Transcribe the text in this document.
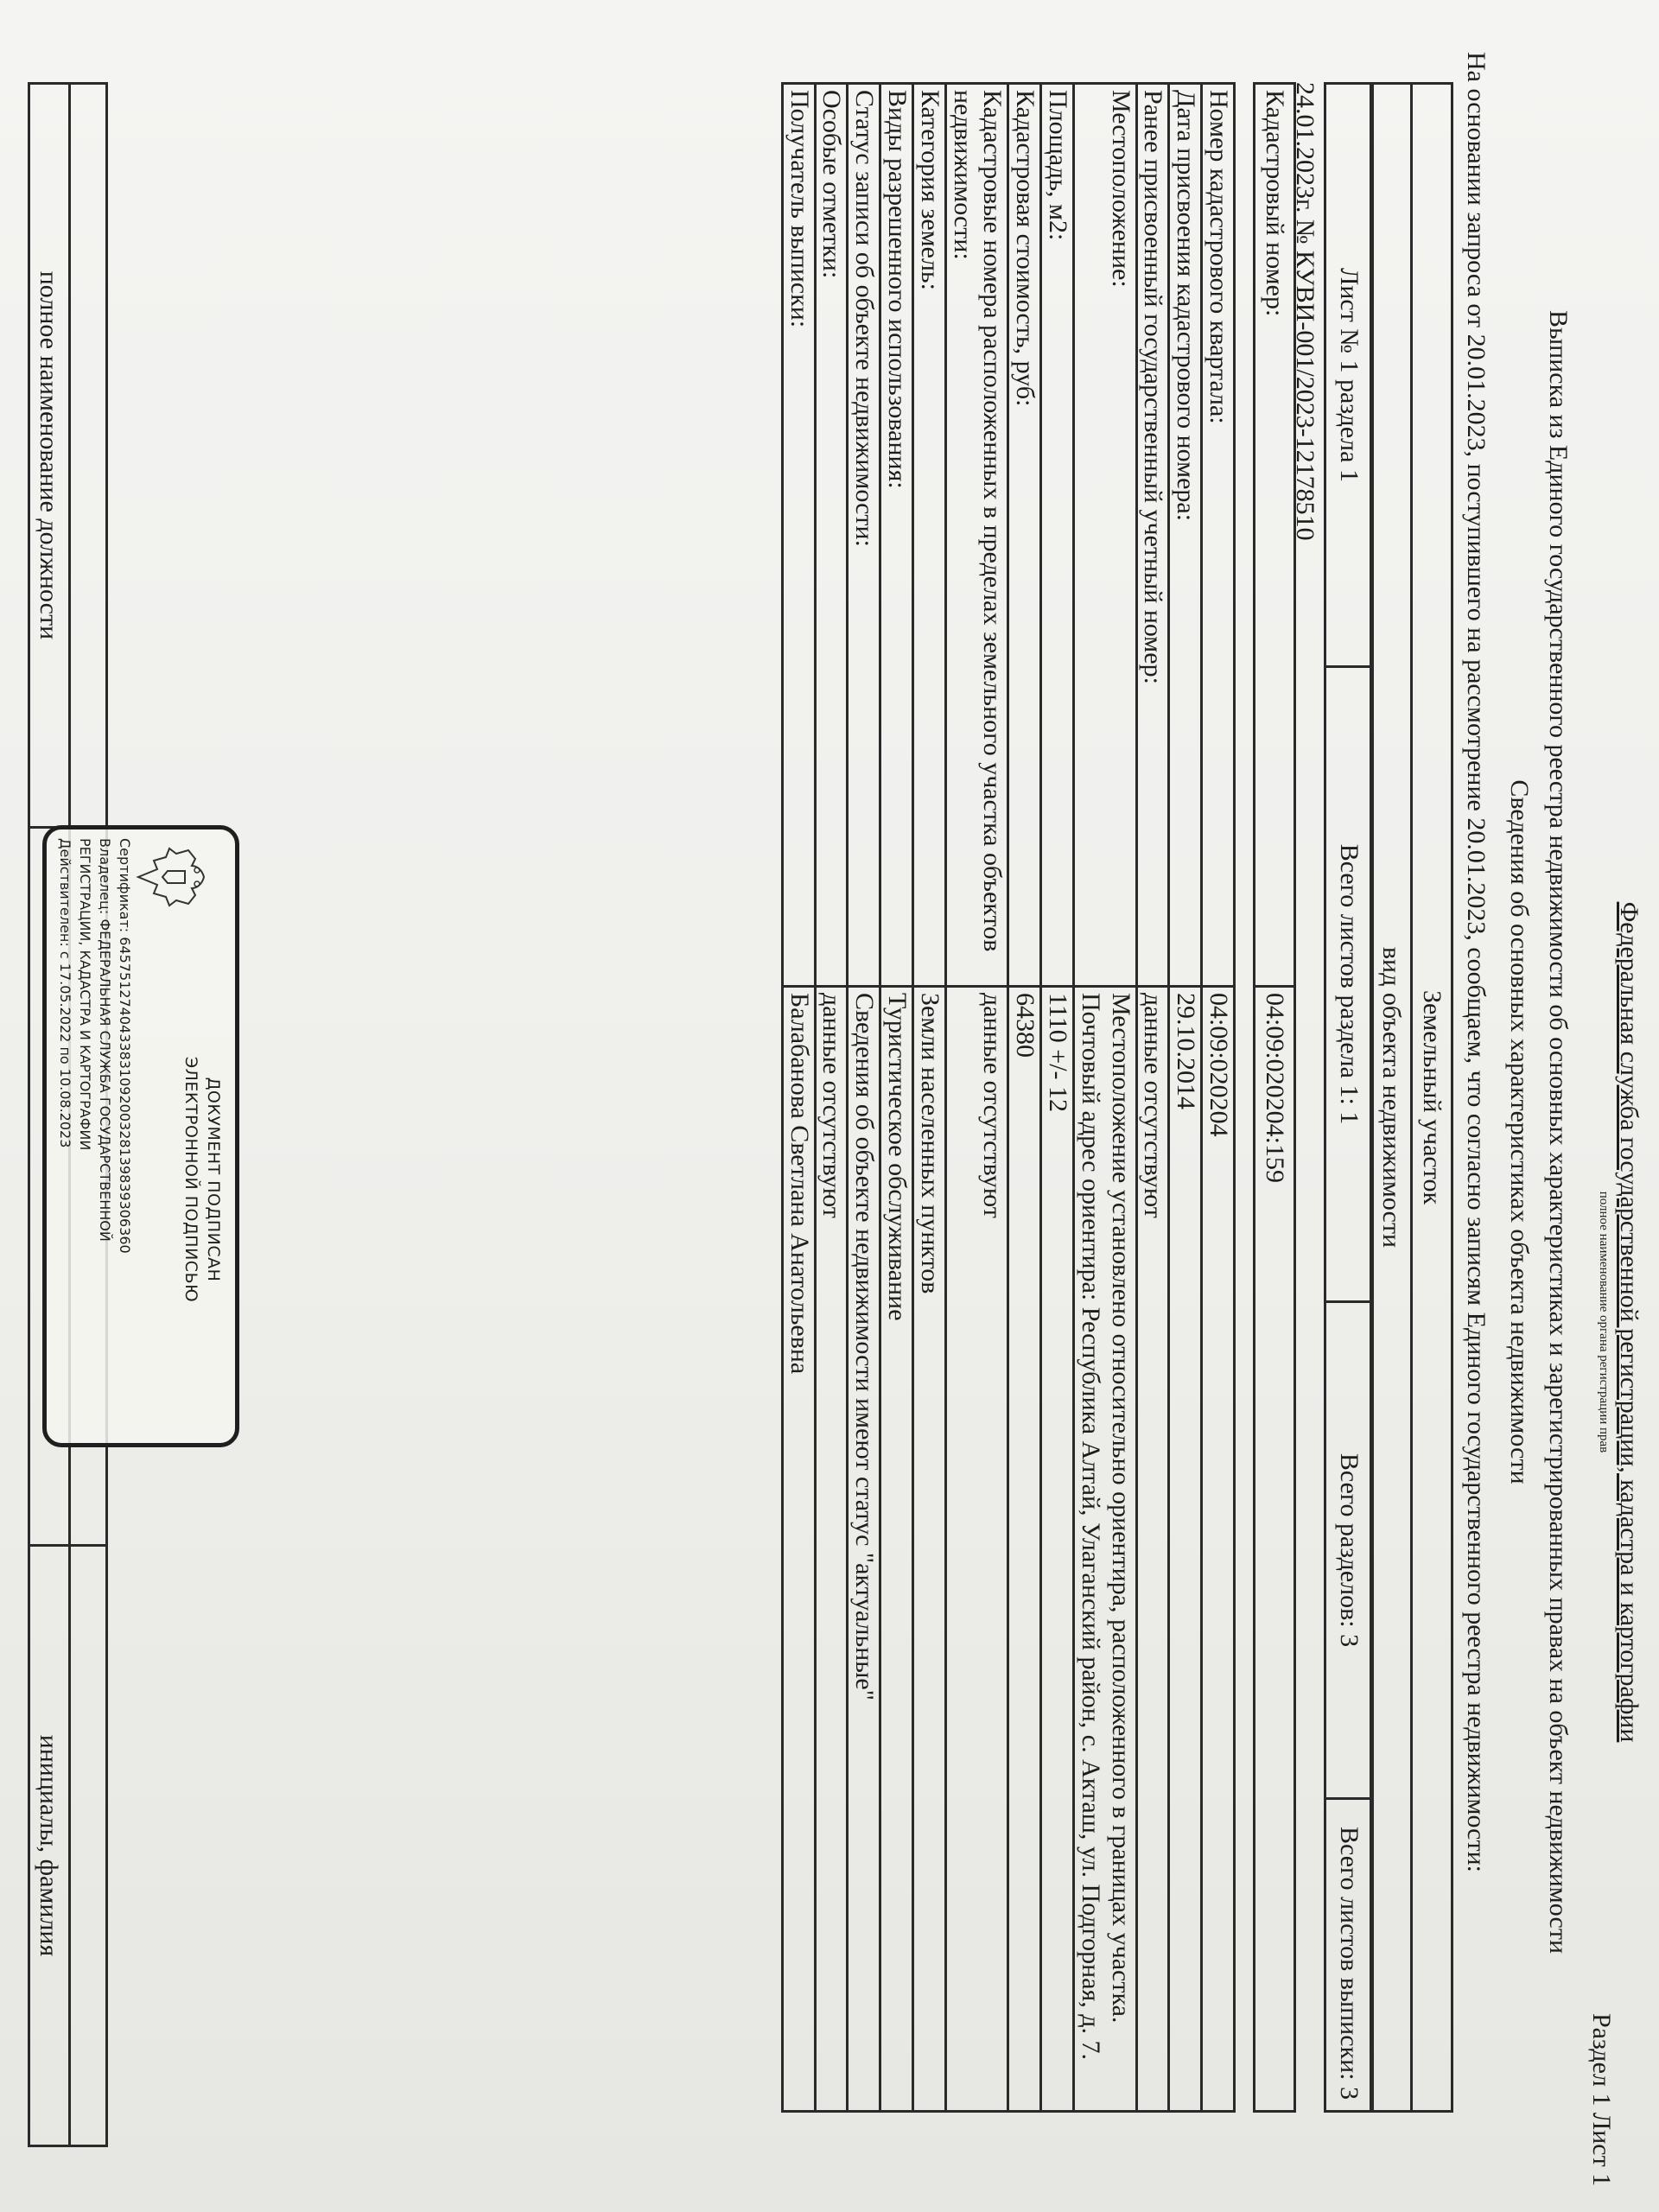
Федеральная служба государственной регистрации, кадастра и картографии
полное наименование органа регистрации прав
Раздел 1 Лист 1
Выписка из Единого государственного реестра недвижимости об основных характеристиках и зарегистрированных правах на объект недвижимости
Сведения об основных характеристиках объекта недвижимости
На основании запроса от 20.01.2023, поступившего на рассмотрение 20.01.2023, сообщаем, что согласно записям Единого государственного реестра недвижимости:
Земельный участок
вид объекта недвижимости
Лист № 1 раздела 1	Всего листов раздела 1: 1	Всего разделов: 3	Всего листов выписки: 3
24.01.2023г. № КУВИ-001/2023-12178510
Кадастровый номер:	04:09:020204:159
Номер кадастрового квартала:	04:09:020204
Дата присвоения кадастрового номера:	29.10.2014
Ранее присвоенный государственный учетный номер:	данные отсутствуют
Местоположение:	Местоположение установлено относительно ориентира, расположенного в границах участка. Почтовый адрес ориентира: Республика Алтай, Улаганский район, с. Акташ, ул. Подгорная, д. 7.
Площадь, м2:	1110 +/- 12
Кадастровая стоимость, руб:	64380
Кадастровые номера расположенных в пределах земельного участка объектов недвижимости:	данные отсутствуют
Категория земель:	Земли населенных пунктов
Виды разрешенного использования:	Туристическое обслуживание
Статус записи об объекте недвижимости:	Сведения об объекте недвижимости имеют статус "актуальные"
Особые отметки:	данные отсутствуют
Получатель выписки:	Балабанова Светлана Анатольевна

полное наименование должности		инициалы, фамилия
ДОКУМЕНТ ПОДПИСАН
ЭЛЕКТРОННОЙ ПОДПИСЬЮ
Сертификат: 645751274043383109200328139839306360
Владелец: ФЕДЕРАЛЬНАЯ СЛУЖБА ГОСУДАРСТВЕННОЙ
РЕГИСТРАЦИИ, КАДАСТРА И КАРТОГРАФИИ
Действителен: с 17.05.2022 по 10.08.2023
